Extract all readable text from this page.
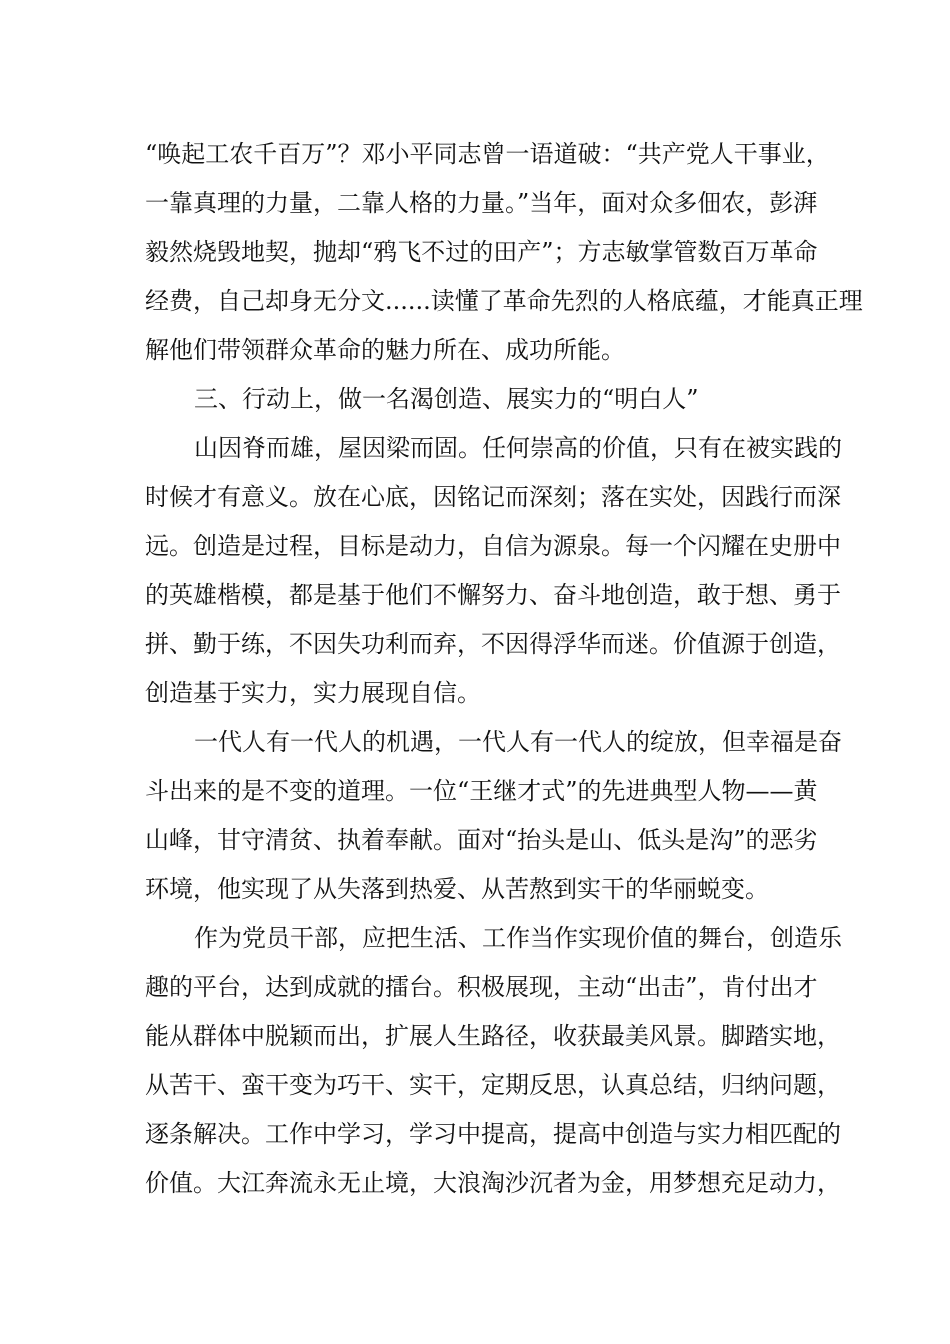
“唤起工农千百万”？邓小平同志曾一语道破：“共产党人干事业，
一靠真理的力量，二靠人格的力量。”当年，面对众多佃农，彭湃
毅然烧毁地契，抛却“鸦飞不过的田产”；方志敏掌管数百万革命
经费，自己却身无分文......读懂了革命先烈的人格底蕴，才能真正理
解他们带领群众革命的魅力所在、成功所能。
三、行动上，做一名渴创造、展实力的“明白人”
山因脊而雄，屋因梁而固。任何崇高的价值，只有在被实践的
时候才有意义。放在心底，因铭记而深刻；落在实处，因践行而深
远。创造是过程，目标是动力，自信为源泉。每一个闪耀在史册中
的英雄楷模，都是基于他们不懈努力、奋斗地创造，敢于想、勇于
拼、勤于练，不因失功利而弃，不因得浮华而迷。价值源于创造，
创造基于实力，实力展现自信。
一代人有一代人的机遇，一代人有一代人的绽放，但幸福是奋
斗出来的是不变的道理。一位“王继才式”的先进典型人物——黄
山峰，甘守清贫、执着奉献。面对“抬头是山、低头是沟”的恶劣
环境，他实现了从失落到热爱、从苦熬到实干的华丽蜕变。
作为党员干部，应把生活、工作当作实现价值的舞台，创造乐
趣的平台，达到成就的擂台。积极展现，主动“出击”，肯付出才
能从群体中脱颖而出，扩展人生路径，收获最美风景。脚踏实地，
从苦干、蛮干变为巧干、实干，定期反思，认真总结，归纳问题，
逐条解决。工作中学习，学习中提高，提高中创造与实力相匹配的
价值。大江奔流永无止境，大浪淘沙沉者为金，用梦想充足动力，
